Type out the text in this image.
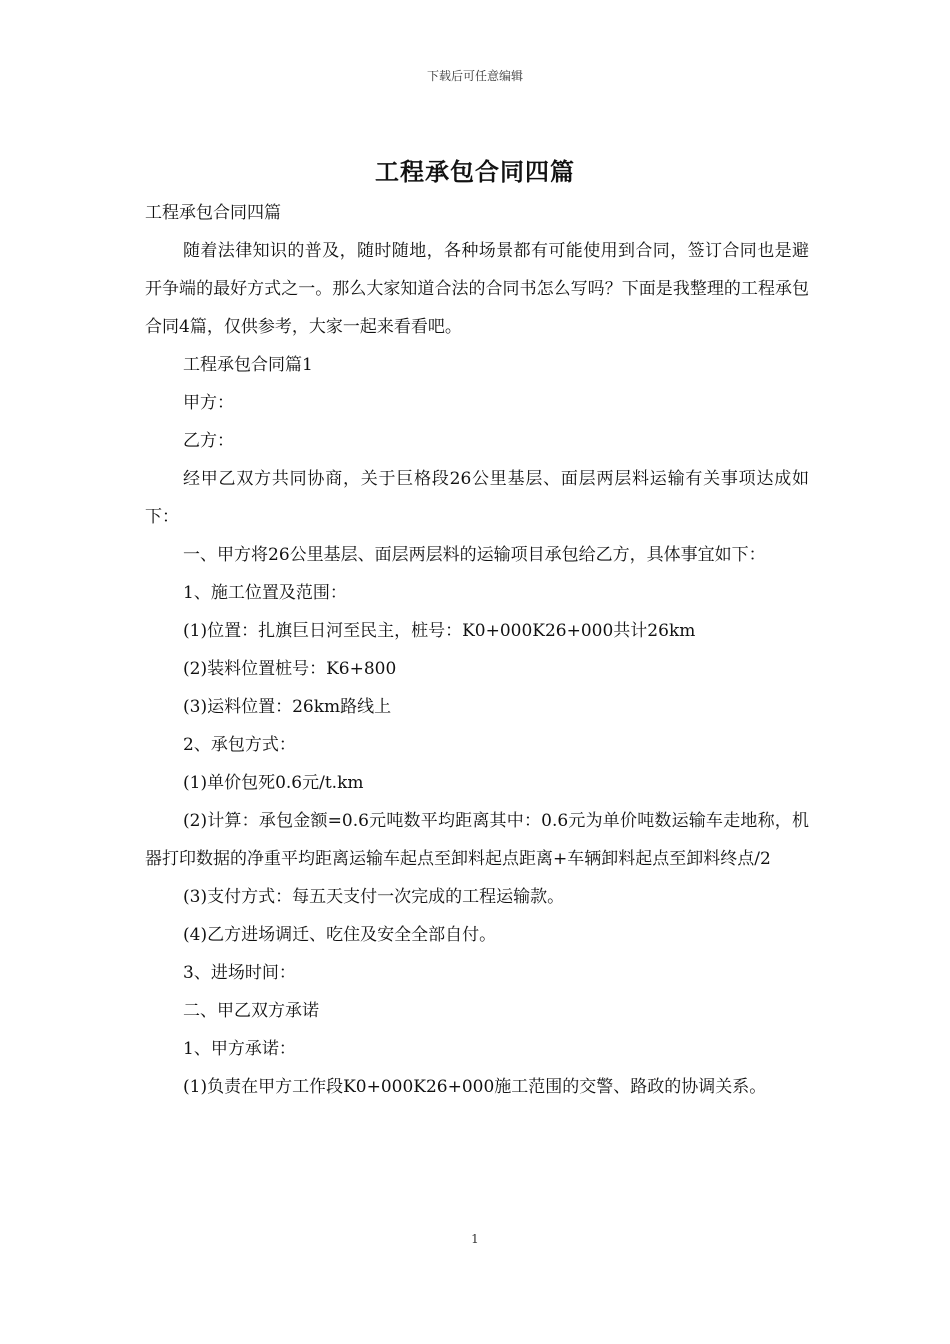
下载后可任意编辑
工程承包合同四篇

工程承包合同四篇

随着法律知识的普及，随时随地，各种场景都有可能使用到合同，签订合同也是避开争端的最好方式之一。那么大家知道合法的合同书怎么写吗？下面是我整理的工程承包合同4篇，仅供参考，大家一起来看看吧。

工程承包合同篇1

甲方：

乙方：

经甲乙双方共同协商，关于巨格段26公里基层、面层两层料运输有关事项达成如下：

一、甲方将26公里基层、面层两层料的运输项目承包给乙方，具体事宜如下：

1、施工位置及范围：

(1)位置：扎旗巨日河至民主，桩号：K0+000K26+000共计26km

(2)装料位置桩号：K6+800

(3)运料位置：26km路线上

2、承包方式：

(1)单价包死0.6元/t.km

(2)计算：承包金额=0.6元吨数平均距离其中：0.6元为单价吨数运输车走地称，机器打印数据的净重平均距离运输车起点至卸料起点距离+车辆卸料起点至卸料终点/2

(3)支付方式：每五天支付一次完成的工程运输款。

(4)乙方进场调迁、吃住及安全全部自付。

3、进场时间：

二、甲乙双方承诺

1、甲方承诺：

(1)负责在甲方工作段K0+000K26+000施工范围的交警、路政的协调关系。

1
